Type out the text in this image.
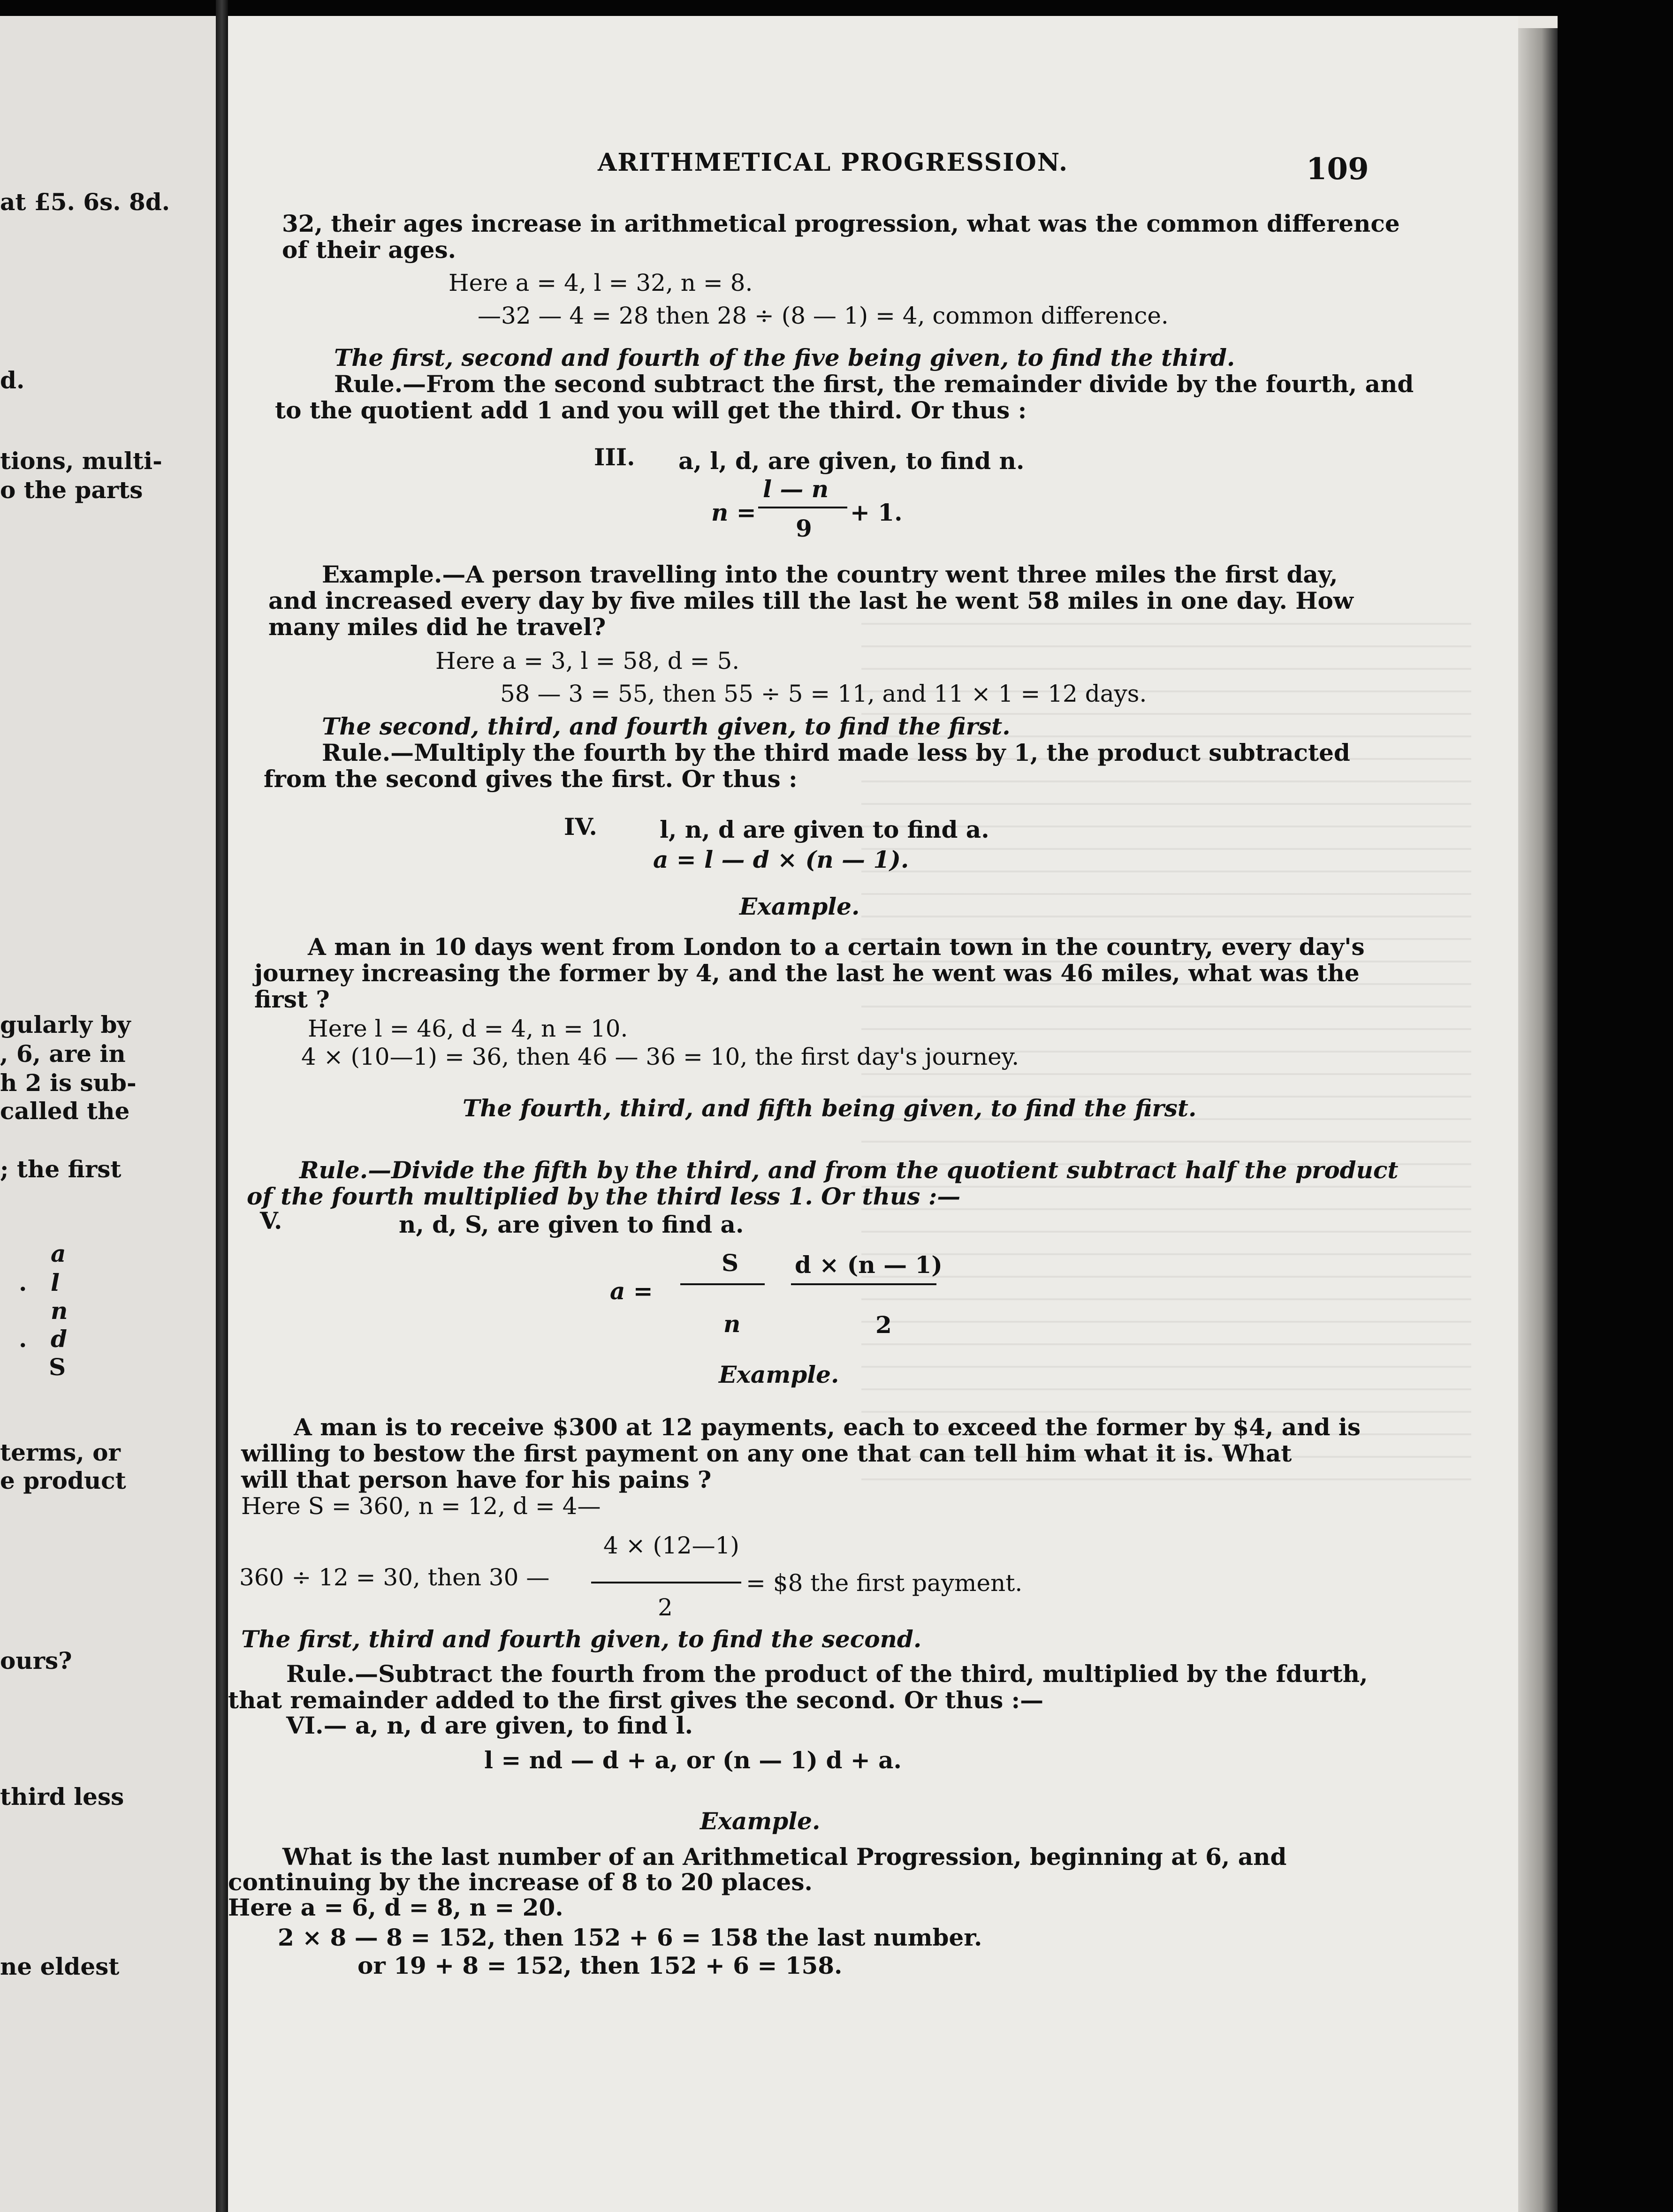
at £5. 6s. 8d.
d.
tions, multi-
o the parts
gularly by
, 6, are in
h 2 is sub-
called the
; the first
a
. l
n
. d
S
terms, or
e product
ours?
third less
ne eldest
ARITHMETICAL PROGRESSION.	109
32, their ages increase in arithmetical progression, what was the common difference
of their ages.
Here a = 4, l = 32, n = 8.
—32 — 4 = 28 then 28 ÷ (8 — 1) = 4, common difference.
The first, second and fourth of the five being given, to find the third.
Rule.—From the second subtract the first, the remainder divide by the fourth, and
to the quotient add 1 and you will get the third. Or thus :
III. a, l, d, are given, to find n.
n =
l — n
9
+ 1.
Example.—A person travelling into the country went three miles the first day,
and increased every day by five miles till the last he went 58 miles in one day. How
many miles did he travel?
Here a = 3, l = 58, d = 5.
58 — 3 = 55, then 55 ÷ 5 = 11, and 11 × 1 = 12 days.
The second, third, and fourth given, to find the first.
Rule.—Multiply the fourth by the third made less by 1, the product subtracted
from the second gives the first. Or thus :
IV.	l, n, d are given to find a.
a = l — d × (n — 1).
Example.
A man in 10 days went from London to a certain town in the country, every day's
journey increasing the former by 4, and the last he went was 46 miles, what was the
first ?
Here l = 46, d = 4, n = 10.
4 × (10—1) = 36, then 46 — 36 = 10, the first day's journey.
The fourth, third, and fifth being given, to find the first.
Rule.—Divide the fifth by the third, and from the quotient subtract half the product
of the fourth multiplied by the third less 1. Or thus :—
V.	n, d, S, are given to find a.
a =
S
n
d × (n — 1)
2
Example.
A man is to receive $300 at 12 payments, each to exceed the former by $4, and is
willing to bestow the first payment on any one that can tell him what it is. What
will that person have for his pains ?
Here S = 360, n = 12, d = 4—
360 ÷ 12 = 30, then 30 —
4 × (12—1)
2
= $8 the first payment.
The first, third and fourth given, to find the second.
Rule.—Subtract the fourth from the product of the third, multiplied by the fdurth,
that remainder added to the first gives the second. Or thus :—
VI.— a, n, d are given, to find l.
l = nd — d + a, or (n — 1) d + a.
Example.
What is the last number of an Arithmetical Progression, beginning at 6, and
continuing by the increase of 8 to 20 places.
Here a = 6, d = 8, n = 20.
2 × 8 — 8 = 152, then 152 + 6 = 158 the last number.
or 19 + 8 = 152, then 152 + 6 = 158.
